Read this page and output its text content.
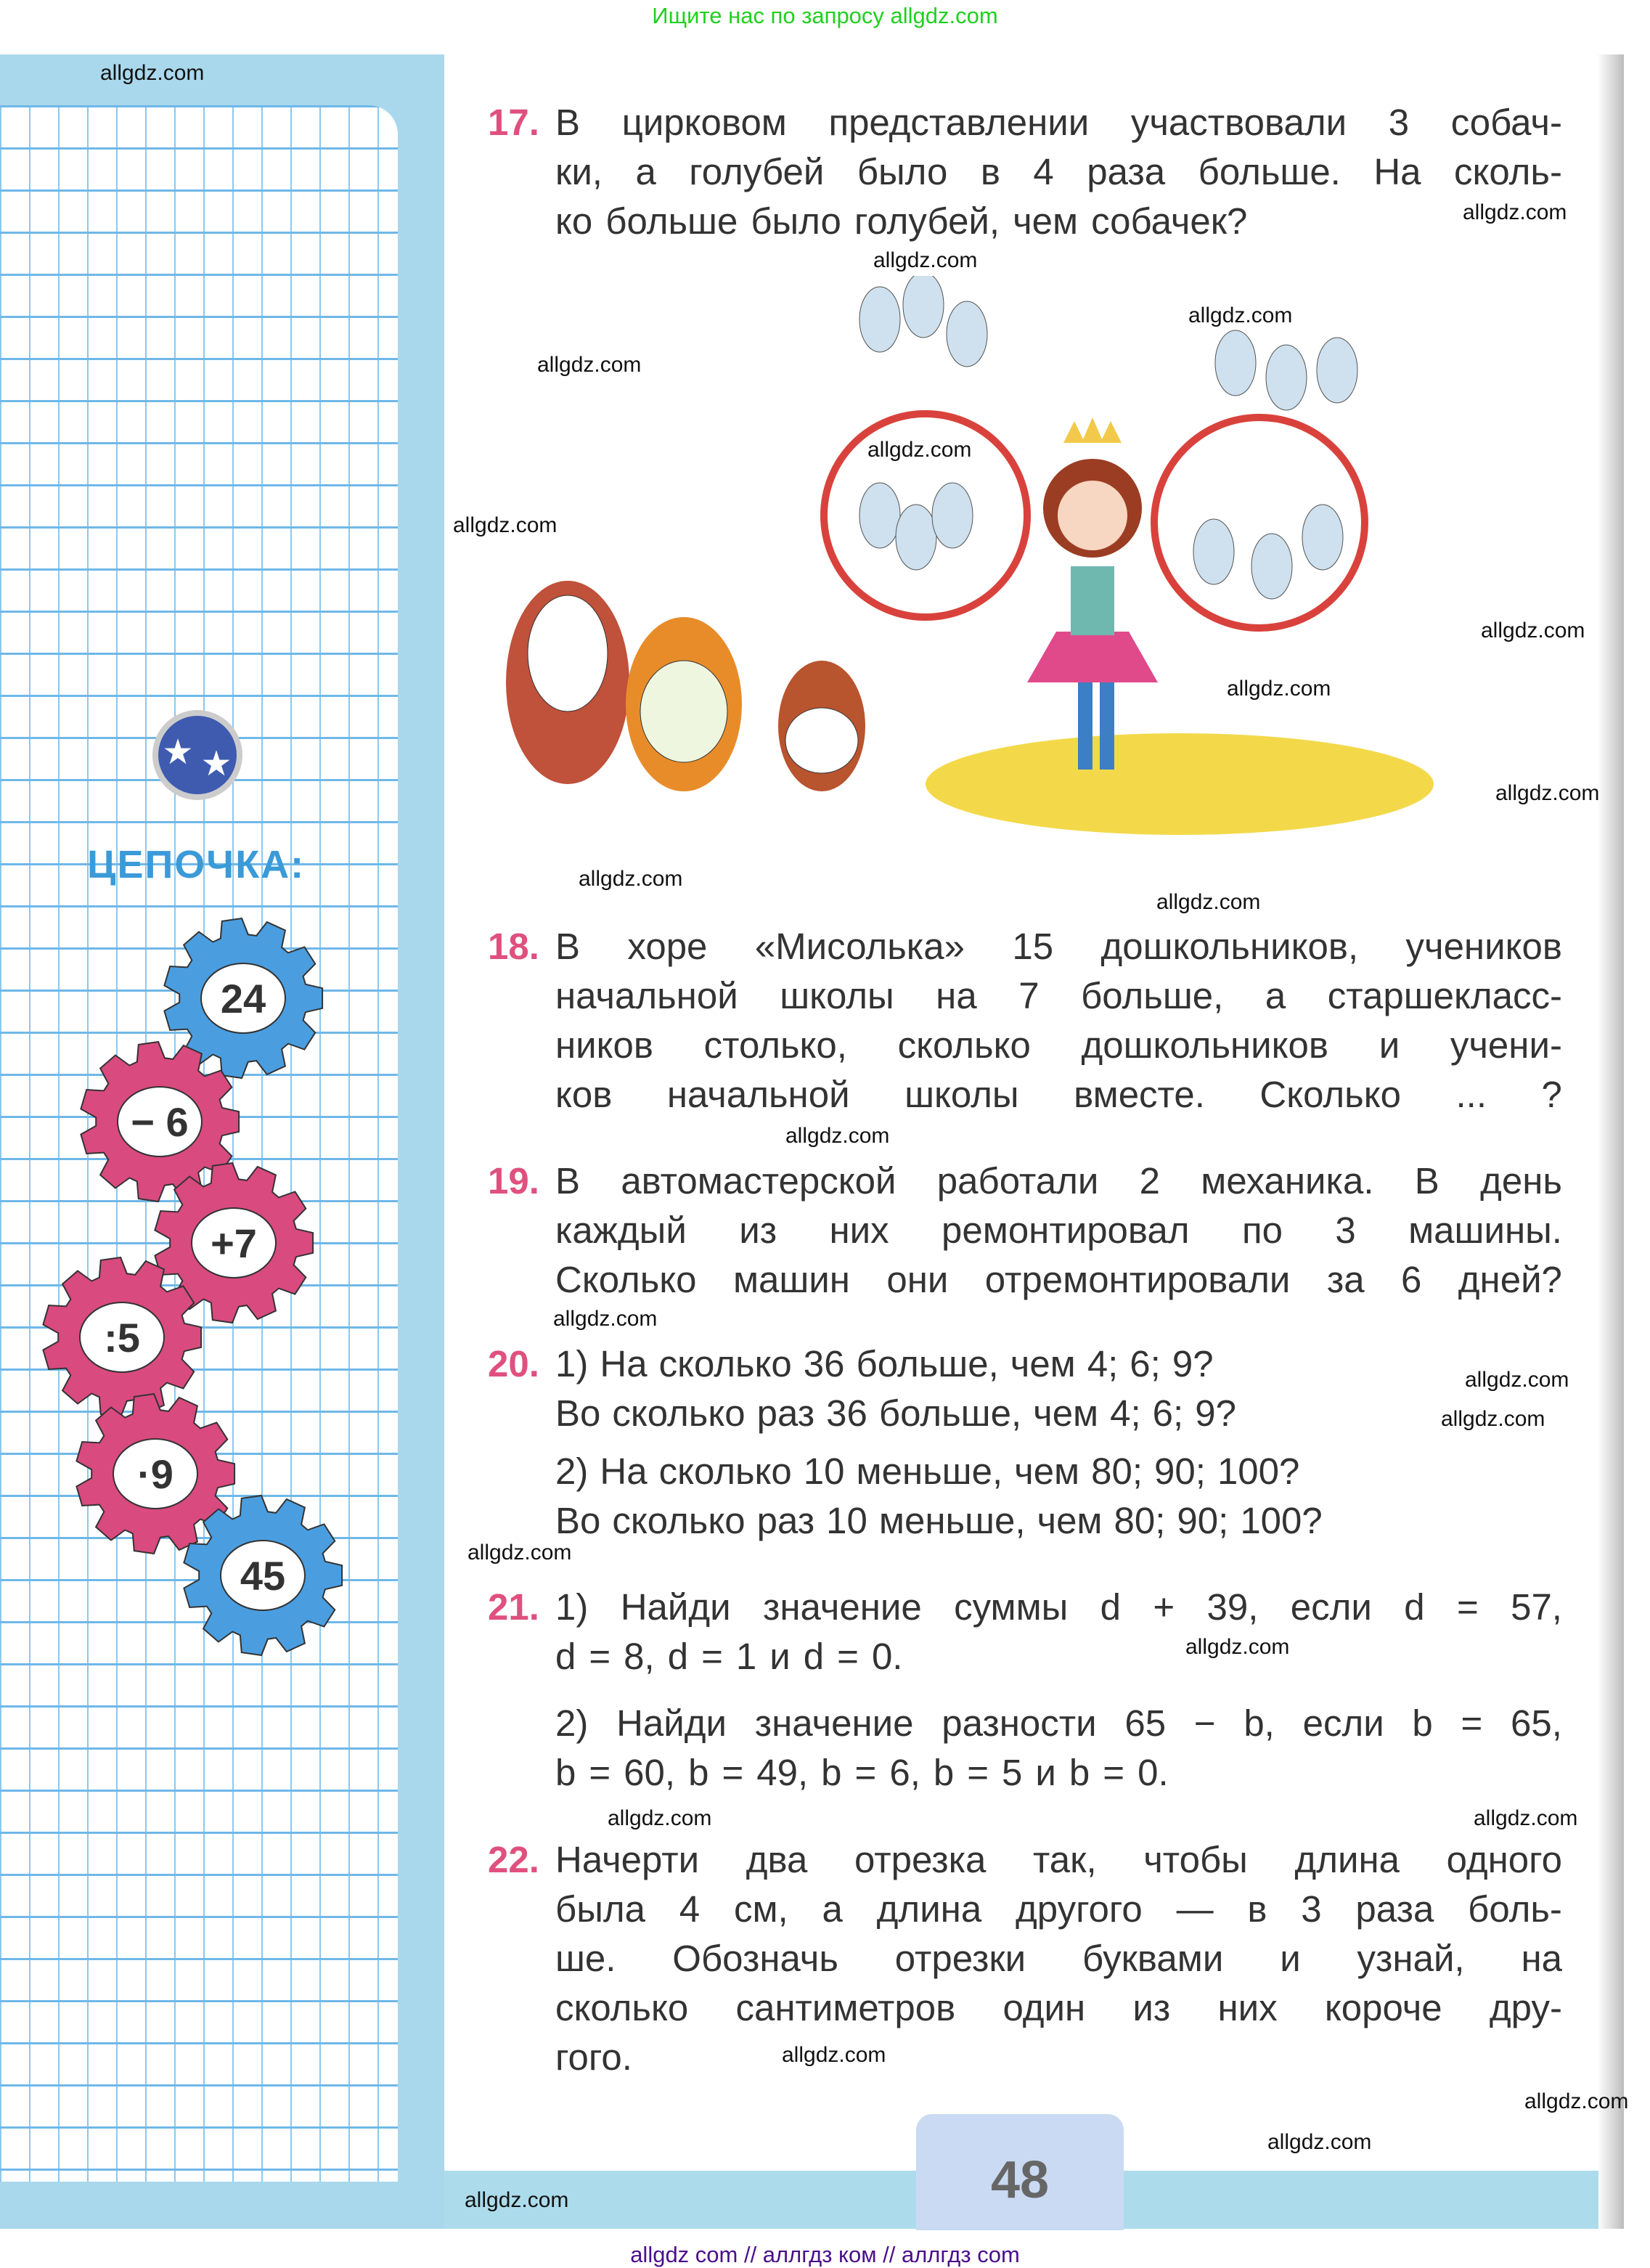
Ищите нас по запросу allgdz.com
48
★ ★
24
− 6
+7
:5
·9
45
ЦЕПОЧКА:
17. В цирковом представлении участвовали 3 собач-
ки, а голубей было в 4 раза больше. На сколь-
ко больше было голубей, чем собачек?
18. В хоре «Мисолька» 15 дошкольников, учеников
начальной школы на 7 больше, а старшекласс-
ников столько, сколько дошкольников и учени-
ков начальной школы вместе. Сколько ... ?
19. В автомастерской работали 2 механика. В день
каждый из них ремонтировал по 3 машины.
Сколько машин они отремонтировали за 6 дней?
20. 1) На сколько 36 больше, чем 4; 6; 9?
Во сколько раз 36 больше, чем 4; 6; 9?
2) На сколько 10 меньше, чем 80; 90; 100?
Во сколько раз 10 меньше, чем 80; 90; 100?
21. 1) Найди значение суммы d + 39, если d = 57,
d = 8, d = 1 и d = 0.
2) Найди значение разности 65 − b, если b = 65,
b = 60, b = 49, b = 6, b = 5 и b = 0.
22. Начерти два отрезка так, чтобы длина одного
была 4 см, а длина другого — в 3 раза боль-
ше. Обозначь отрезки буквами и узнай, на
сколько сантиметров один из них короче дру-
гого.
allgdz.com
allgdz.com
allgdz.com
allgdz.com
allgdz.com
allgdz.com
allgdz.com
allgdz.com
allgdz.com
allgdz.com
allgdz.com
allgdz.com
allgdz.com
allgdz.com
allgdz.com
allgdz.com
allgdz.com
allgdz.com
allgdz.com
allgdz.com
allgdz.com
allgdz.com
allgdz.com
allgdz.com
allgdz com // аллгдз ком // аллгдз com
